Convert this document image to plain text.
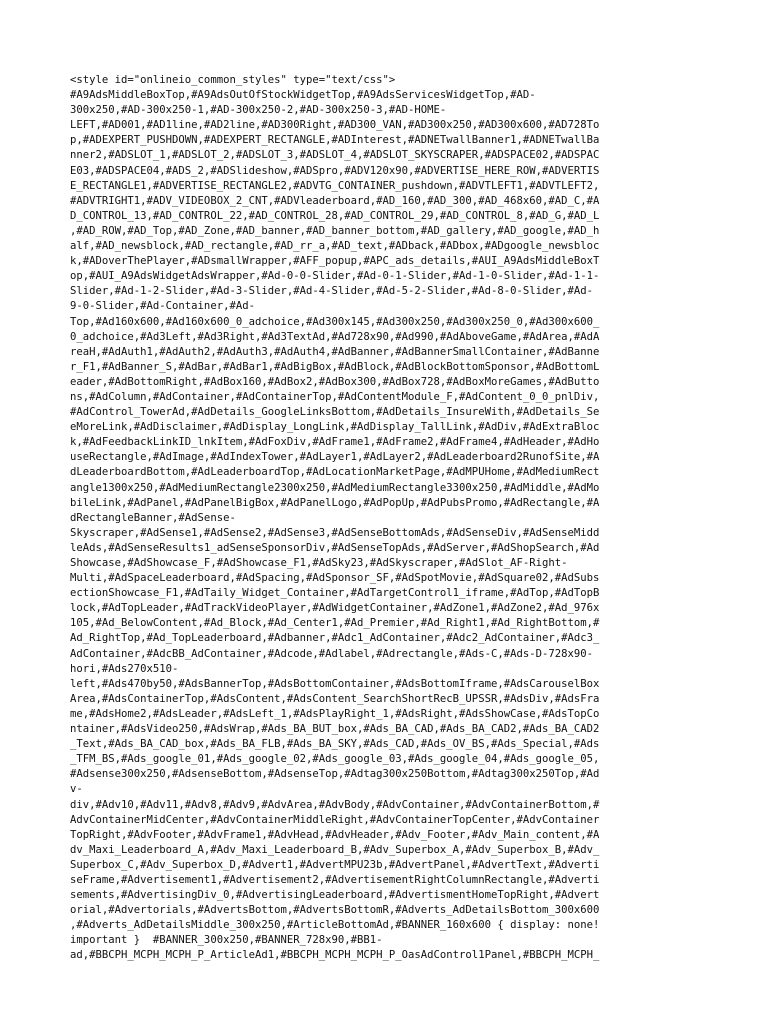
<style id="onlineio_common_styles" type="text/css">
#A9AdsMiddleBoxTop,#A9AdsOutOfStockWidgetTop,#A9AdsServicesWidgetTop,#AD-
300x250,#AD-300x250-1,#AD-300x250-2,#AD-300x250-3,#AD-HOME-
LEFT,#AD001,#AD1line,#AD2line,#AD300Right,#AD300_VAN,#AD300x250,#AD300x600,#AD728To
p,#ADEXPERT_PUSHDOWN,#ADEXPERT_RECTANGLE,#ADInterest,#ADNETwallBanner1,#ADNETwallBa
nner2,#ADSLOT_1,#ADSLOT_2,#ADSLOT_3,#ADSLOT_4,#ADSLOT_SKYSCRAPER,#ADSPACE02,#ADSPAC
E03,#ADSPACE04,#ADS_2,#ADSlideshow,#ADSpro,#ADV120x90,#ADVERTISE_HERE_ROW,#ADVERTIS
E_RECTANGLE1,#ADVERTISE_RECTANGLE2,#ADVTG_CONTAINER_pushdown,#ADVTLEFT1,#ADVTLEFT2,
#ADVTRIGHT1,#ADV_VIDEOBOX_2_CNT,#ADVleaderboard,#AD_160,#AD_300,#AD_468x60,#AD_C,#A
D_CONTROL_13,#AD_CONTROL_22,#AD_CONTROL_28,#AD_CONTROL_29,#AD_CONTROL_8,#AD_G,#AD_L
,#AD_ROW,#AD_Top,#AD_Zone,#AD_banner,#AD_banner_bottom,#AD_gallery,#AD_google,#AD_h
alf,#AD_newsblock,#AD_rectangle,#AD_rr_a,#AD_text,#ADback,#ADbox,#ADgoogle_newsbloc
k,#ADoverThePlayer,#ADsmallWrapper,#AFF_popup,#APC_ads_details,#AUI_A9AdsMiddleBoxT
op,#AUI_A9AdsWidgetAdsWrapper,#Ad-0-0-Slider,#Ad-0-1-Slider,#Ad-1-0-Slider,#Ad-1-1-
Slider,#Ad-1-2-Slider,#Ad-3-Slider,#Ad-4-Slider,#Ad-5-2-Slider,#Ad-8-0-Slider,#Ad-
9-0-Slider,#Ad-Container,#Ad-
Top,#Ad160x600,#Ad160x600_0_adchoice,#Ad300x145,#Ad300x250,#Ad300x250_0,#Ad300x600_
0_adchoice,#Ad3Left,#Ad3Right,#Ad3TextAd,#Ad728x90,#Ad990,#AdAboveGame,#AdArea,#AdA
reaH,#AdAuth1,#AdAuth2,#AdAuth3,#AdAuth4,#AdBanner,#AdBannerSmallContainer,#AdBanne
r_F1,#AdBanner_S,#AdBar,#AdBar1,#AdBigBox,#AdBlock,#AdBlockBottomSponsor,#AdBottomL
eader,#AdBottomRight,#AdBox160,#AdBox2,#AdBox300,#AdBox728,#AdBoxMoreGames,#AdButto
ns,#AdColumn,#AdContainer,#AdContainerTop,#AdContentModule_F,#AdContent_0_0_pnlDiv,
#AdControl_TowerAd,#AdDetails_GoogleLinksBottom,#AdDetails_InsureWith,#AdDetails_Se
eMoreLink,#AdDisclaimer,#AdDisplay_LongLink,#AdDisplay_TallLink,#AdDiv,#AdExtraBloc
k,#AdFeedbackLinkID_lnkItem,#AdFoxDiv,#AdFrame1,#AdFrame2,#AdFrame4,#AdHeader,#AdHo
useRectangle,#AdImage,#AdIndexTower,#AdLayer1,#AdLayer2,#AdLeaderboard2RunofSite,#A
dLeaderboardBottom,#AdLeaderboardTop,#AdLocationMarketPage,#AdMPUHome,#AdMediumRect
angle1300x250,#AdMediumRectangle2300x250,#AdMediumRectangle3300x250,#AdMiddle,#AdMo
bileLink,#AdPanel,#AdPanelBigBox,#AdPanelLogo,#AdPopUp,#AdPubsPromo,#AdRectangle,#A
dRectangleBanner,#AdSense-
Skyscraper,#AdSense1,#AdSense2,#AdSense3,#AdSenseBottomAds,#AdSenseDiv,#AdSenseMidd
leAds,#AdSenseResults1_adSenseSponsorDiv,#AdSenseTopAds,#AdServer,#AdShopSearch,#Ad
Showcase,#AdShowcase_F,#AdShowcase_F1,#AdSky23,#AdSkyscraper,#AdSlot_AF-Right-
Multi,#AdSpaceLeaderboard,#AdSpacing,#AdSponsor_SF,#AdSpotMovie,#AdSquare02,#AdSubs
ectionShowcase_F1,#AdTaily_Widget_Container,#AdTargetControl1_iframe,#AdTop,#AdTopB
lock,#AdTopLeader,#AdTrackVideoPlayer,#AdWidgetContainer,#AdZone1,#AdZone2,#Ad_976x
105,#Ad_BelowContent,#Ad_Block,#Ad_Center1,#Ad_Premier,#Ad_Right1,#Ad_RightBottom,#
Ad_RightTop,#Ad_TopLeaderboard,#Adbanner,#Adc1_AdContainer,#Adc2_AdContainer,#Adc3_
AdContainer,#AdcBB_AdContainer,#Adcode,#Adlabel,#Adrectangle,#Ads-C,#Ads-D-728x90-
hori,#Ads270x510-
left,#Ads470by50,#AdsBannerTop,#AdsBottomContainer,#AdsBottomIframe,#AdsCarouselBox
Area,#AdsContainerTop,#AdsContent,#AdsContent_SearchShortRecB_UPSSR,#AdsDiv,#AdsFra
me,#AdsHome2,#AdsLeader,#AdsLeft_1,#AdsPlayRight_1,#AdsRight,#AdsShowCase,#AdsTopCo
ntainer,#AdsVideo250,#AdsWrap,#Ads_BA_BUT_box,#Ads_BA_CAD,#Ads_BA_CAD2,#Ads_BA_CAD2
_Text,#Ads_BA_CAD_box,#Ads_BA_FLB,#Ads_BA_SKY,#Ads_CAD,#Ads_OV_BS,#Ads_Special,#Ads
_TFM_BS,#Ads_google_01,#Ads_google_02,#Ads_google_03,#Ads_google_04,#Ads_google_05,
#Adsense300x250,#AdsenseBottom,#AdsenseTop,#Adtag300x250Bottom,#Adtag300x250Top,#Ad
v-
div,#Adv10,#Adv11,#Adv8,#Adv9,#AdvArea,#AdvBody,#AdvContainer,#AdvContainerBottom,#
AdvContainerMidCenter,#AdvContainerMiddleRight,#AdvContainerTopCenter,#AdvContainer
TopRight,#AdvFooter,#AdvFrame1,#AdvHead,#AdvHeader,#Adv_Footer,#Adv_Main_content,#A
dv_Maxi_Leaderboard_A,#Adv_Maxi_Leaderboard_B,#Adv_Superbox_A,#Adv_Superbox_B,#Adv_
Superbox_C,#Adv_Superbox_D,#Advert1,#AdvertMPU23b,#AdvertPanel,#AdvertText,#Adverti
seFrame,#Advertisement1,#Advertisement2,#AdvertisementRightColumnRectangle,#Adverti
sements,#AdvertisingDiv_0,#AdvertisingLeaderboard,#AdvertismentHomeTopRight,#Advert
orial,#Advertorials,#AdvertsBottom,#AdvertsBottomR,#Adverts_AdDetailsBottom_300x600
,#Adverts_AdDetailsMiddle_300x250,#ArticleBottomAd,#BANNER_160x600 { display: none!
important }  #BANNER_300x250,#BANNER_728x90,#BB1-
ad,#BBCPH_MCPH_MCPH_P_ArticleAd1,#BBCPH_MCPH_MCPH_P_OasAdControl1Panel,#BBCPH_MCPH_
